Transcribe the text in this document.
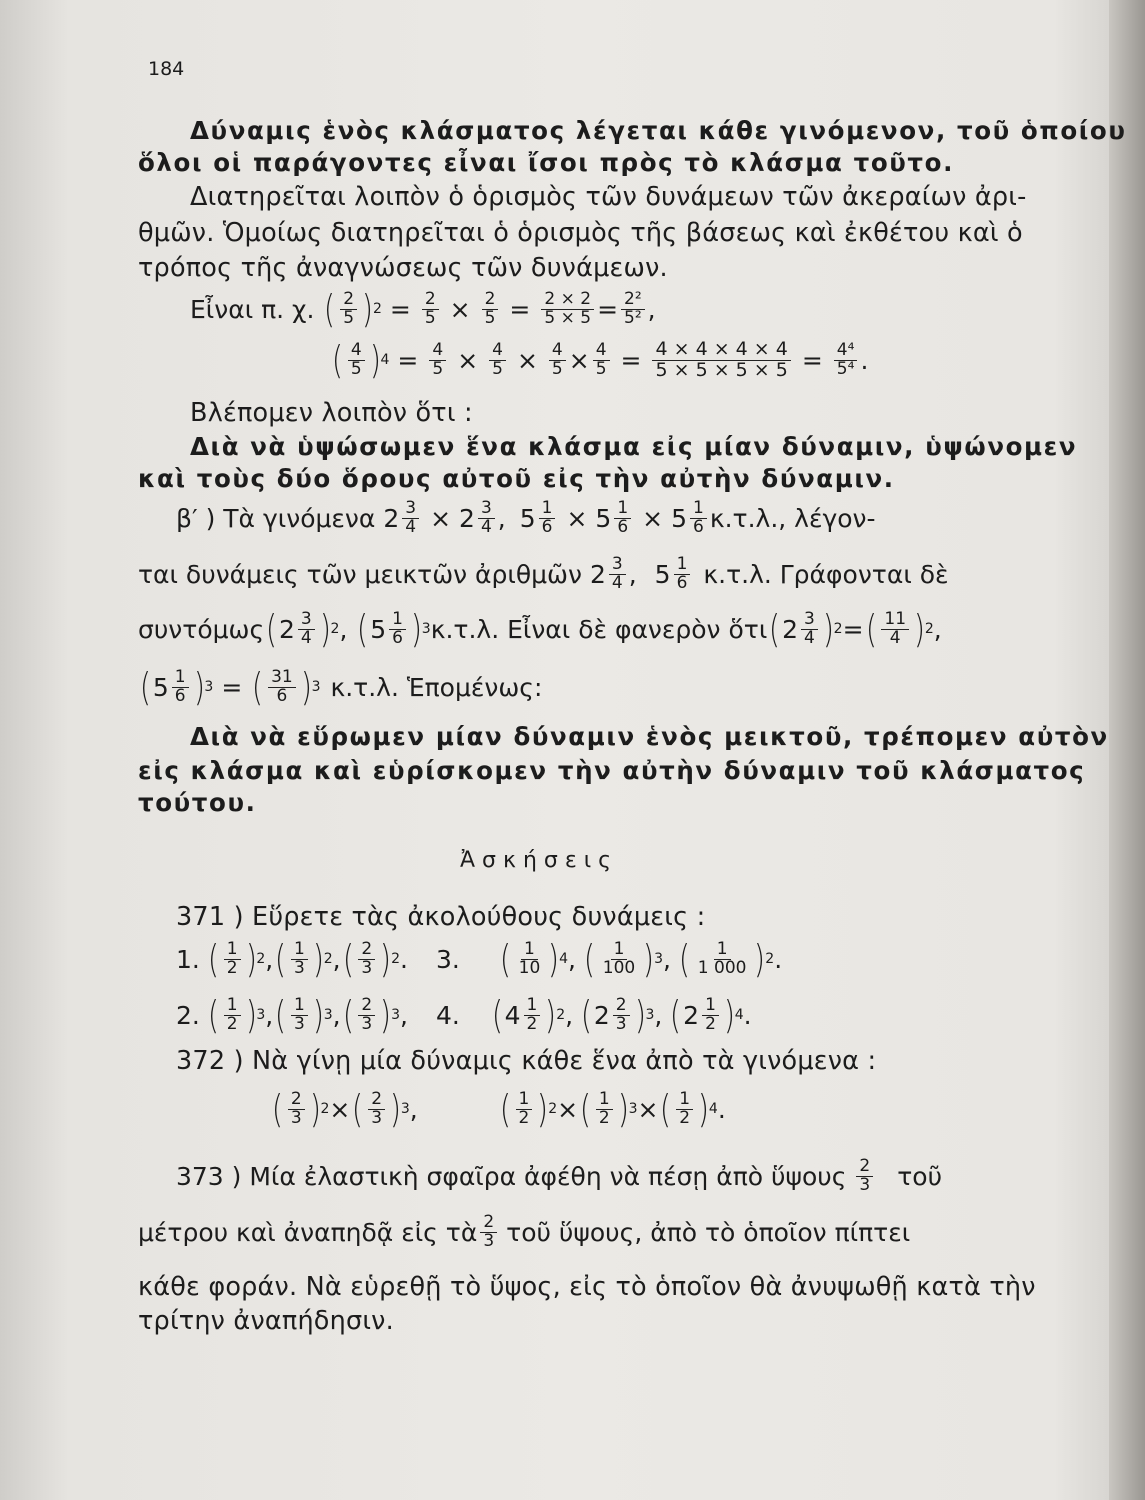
184
Δύναμις ἑνὸς κλάσματος λέγεται κάθε γινόμενον, τοῦ ὁποίου
ὅλοι οἱ παράγοντες εἶναι ἴσοι πρὸς τὸ κλάσμα τοῦτο.
Διατηρεῖται λοιπὸν ὁ ὁρισμὸς τῶν δυνάμεων τῶν ἀκεραίων ἀρι-
θμῶν. Ὁμοίως διατηρεῖται ὁ ὁρισμὸς τῆς βάσεως καὶ ἐκθέτου καὶ ὁ
τρόπος τῆς ἀναγνώσεως τῶν δυνάμεων.
Εἶναι π. χ. ( $\frac{2}{5}$ ) $2 = \frac{2}{5} \times \frac{2}{5} = \frac{2 \times 2}{5 \times 5} = \frac{\text{2²}}{\text{5²}}$ ,
( $\frac{4}{5}$ ) $4 = \frac{4}{5} \times \frac{4}{5} \times \frac{4}{5} \times \frac{4}{5} = \frac{4 \times 4 \times 4 \times 4}{5 \times 5 \times 5 \times 5} = \frac{\text{4⁴}}{\text{5⁴}}$ .
Βλέπομεν λοιπὸν ὅτι :
Διὰ νὰ ὑψώσωμεν ἕνα κλάσμα εἰς μίαν δύναμιν, ὑψώνομεν
καὶ τοὺς δύο ὅρους αὐτοῦ εἰς τὴν αὐτὴν δύναμιν.
β′ ) Τὰ γινόμενα $2 \frac{3}{4} \times 2 \frac{3}{4}$ , $5 \frac{1}{6} \times 5 \frac{1}{6} \times 5 \frac{1}{6} \kappa.\tau.\lambda$., λέγον-
ται δυνάμεις τῶν μεικτῶν ἀριθμῶν $2 \frac{3}{4}$ , $5 \frac{1}{6} \kappa.\tau.\lambda$. Γράφονται δὲ
συντόμως ( $2 \frac{3}{4}$ ) 2 , ( $5 \frac{1}{6}$ ) 3 κ.τ.λ. Εἶναι δὲ φανερὸν ὅτι ( $2 \frac{3}{4}$ ) 2 = ( $\frac{11}{4}$ ) 2 ,
( $5 \frac{1}{6}$ ) 3 = ( $\frac{31}{6}$ ) 3 κ.τ.λ. Ἑπομένως:
Διὰ νὰ εὕρωμεν μίαν δύναμιν ἑνὸς μεικτοῦ, τρέπομεν αὐτὸν
εἰς κλάσμα καὶ εὑρίσκομεν τὴν αὐτὴν δύναμιν τοῦ κλάσματος
τούτου.
Ἀσκήσεις
371 ) Εὕρετε τὰς ἀκολούθους δυνάμεις :
1. ( $\frac{1}{2}$ ) 2 , ( $\frac{1}{3}$ ) 2 , ( $\frac{2}{3}$ ) 2 . 3. ( $\frac{1}{10}$ ) 4 , ( $\frac{1}{100}$ ) 3 , ( $\frac{1}{1 000}$ ) 2 .
2. ( $\frac{1}{2}$ ) 3 , ( $\frac{1}{3}$ ) 3 , ( $\frac{2}{3}$ ) 3 , 4. ( $4 \frac{1}{2}$ ) 2 , ( $2 \frac{2}{3}$ ) 3 , ( $2 \frac{1}{2}$ ) 4 .
372 ) Νὰ γίνῃ μία δύναμις κάθε ἕνα ἀπὸ τὰ γινόμενα :
( $\frac{2}{3}$ ) 2 × ( $\frac{2}{3}$ ) 3 , ( $\frac{1}{2}$ ) 2 × ( $\frac{1}{2}$ ) 3 × ( $\frac{1}{2}$ ) 4 .
373 ) Μία ἐλαστικὴ σφαῖρα ἀφέθη νὰ πέσῃ ἀπὸ ὕψους $\frac{2}{3}$ τοῦ
μέτρου καὶ ἀναπηδᾷ εἰς τὰ $\frac{2}{3}$ τοῦ ὕψους, ἀπὸ τὸ ὁποῖον πίπτει
κάθε φοράν. Νὰ εὑρεθῇ τὸ ὕψος, εἰς τὸ ὁποῖον θὰ ἀνυψωθῇ κατὰ τὴν
τρίτην ἀναπήδησιν.
